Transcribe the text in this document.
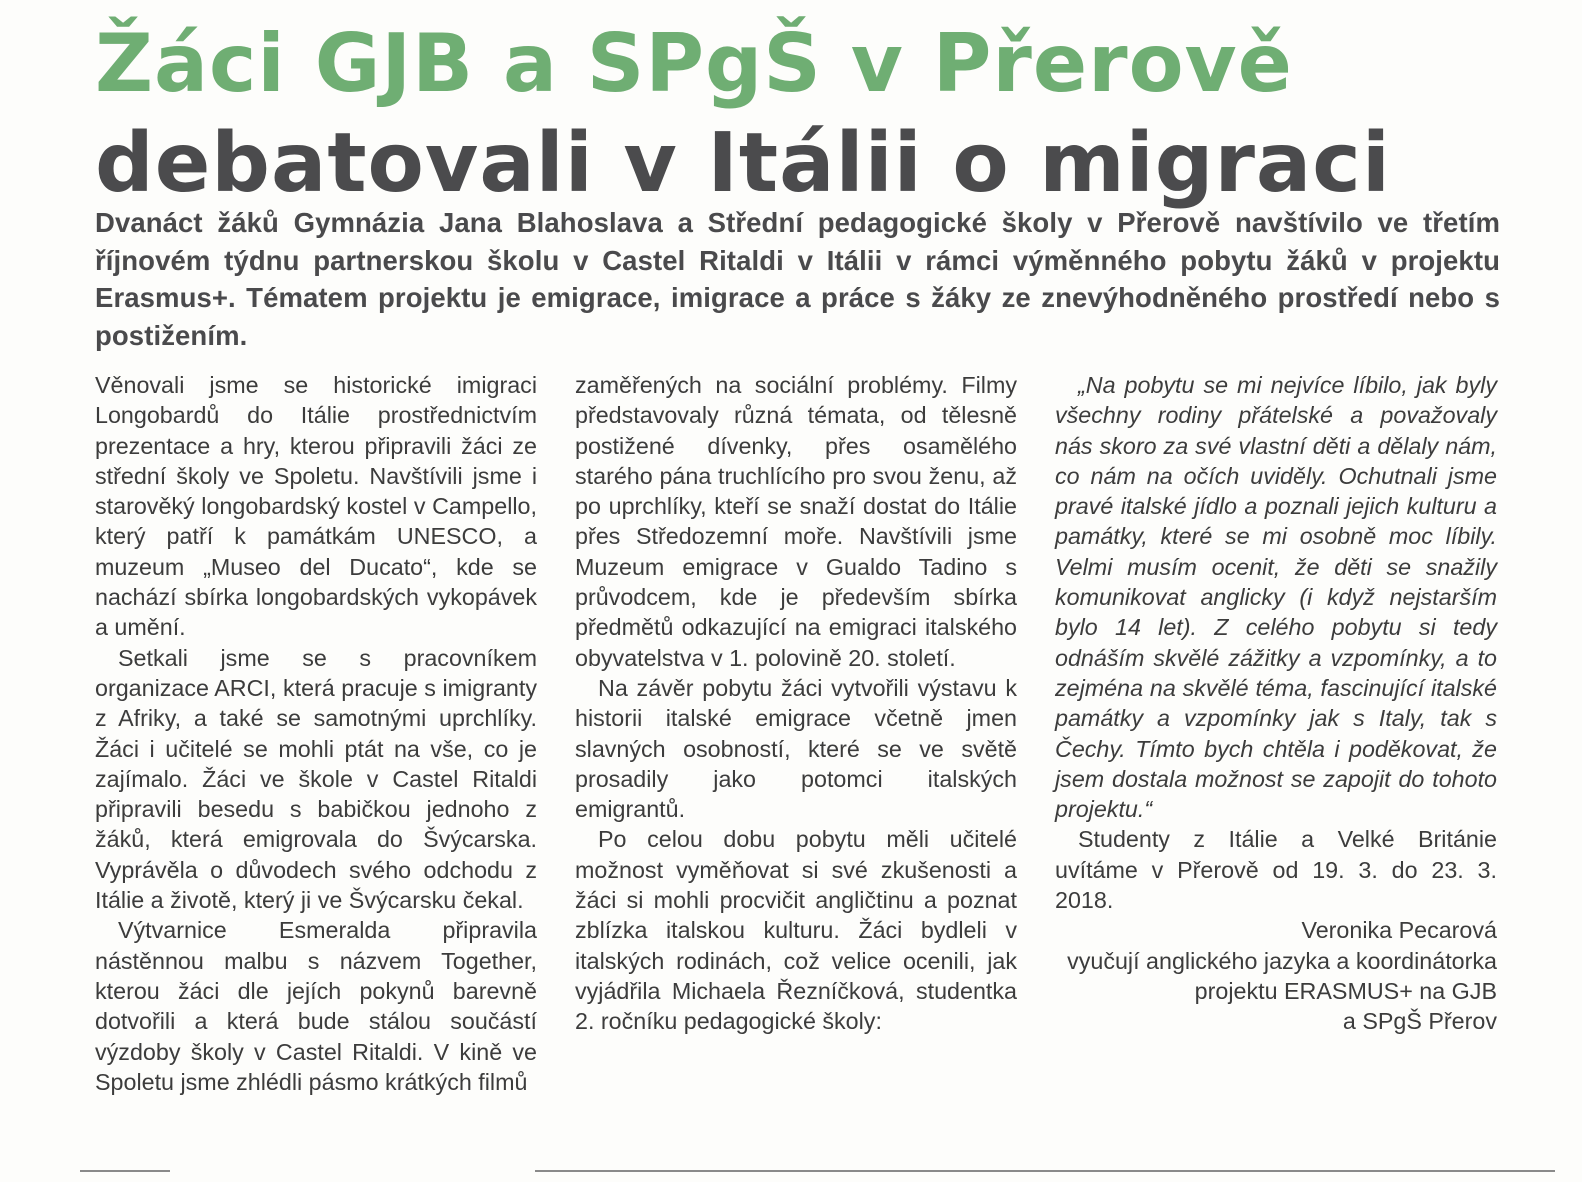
Žáci GJB a SPgŠ v Přerově
debatovali v Itálii o migraci

Dvanáct žáků Gymnázia Jana Blahoslava a Střední pedagogické školy v Přerově navštívilo ve třetím říjnovém týdnu partnerskou školu v Castel Ritaldi v Itálii v rámci výměnného pobytu žáků v projektu Erasmus+. Tématem projektu je emigrace, imigrace a práce s žáky ze znevýhodněného prostředí nebo s postižením.

Věnovali jsme se historické imigraci Longobardů do Itálie prostřednictvím prezentace a hry, kterou připravili žáci ze střední školy ve Spoletu. Navštívili jsme i starověký longobardský kostel v Campello, který patří k památkám UNESCO, a muzeum „Museo del Ducato“, kde se nachází sbírka longobardských vykopávek a umění.

Setkali jsme se s pracovníkem organizace ARCI, která pracuje s imigranty z Afriky, a také se samotnými uprchlíky. Žáci i učitelé se mohli ptát na vše, co je zajímalo. Žáci ve škole v Castel Ritaldi připravili besedu s babičkou jednoho z žáků, která emigrovala do Švýcarska. Vyprávěla o důvodech svého odchodu z Itálie a životě, který ji ve Švýcarsku čekal.

Výtvarnice Esmeralda připravila nástěnnou malbu s názvem Together, kterou žáci dle jejích pokynů barevně dotvořili a která bude stálou součástí výzdoby školy v Castel Ritaldi. V kině ve Spoletu jsme zhlédli pásmo krátkých filmů

zaměřených na sociální problémy. Filmy představovaly různá témata, od tělesně postižené dívenky, přes osamělého starého pána truchlícího pro svou ženu, až po uprchlíky, kteří se snaží dostat do Itálie přes Středozemní moře. Navštívili jsme Muzeum emigrace v Gualdo Tadino s průvodcem, kde je především sbírka předmětů odkazující na emigraci italského obyvatelstva v 1. polovině 20. století.

Na závěr pobytu žáci vytvořili výstavu k historii italské emigrace včetně jmen slavných osobností, které se ve světě prosadily jako potomci italských emigrantů.

Po celou dobu pobytu měli učitelé možnost vyměňovat si své zkušenosti a žáci si mohli procvičit angličtinu a poznat zblízka italskou kulturu. Žáci bydleli v italských rodinách, což velice ocenili, jak vyjádřila Michaela Řezníčková, studentka 2. ročníku pedagogické školy:

„Na pobytu se mi nejvíce líbilo, jak byly všechny rodiny přátelské a považovaly nás skoro za své vlastní děti a dělaly nám, co nám na očích uviděly. Ochutnali jsme pravé italské jídlo a poznali jejich kulturu a památky, které se mi osobně moc líbily. Velmi musím ocenit, že děti se snažily komunikovat anglicky (i když nejstarším bylo 14 let). Z celého pobytu si tedy odnáším skvělé zážitky a vzpomínky, a to zejména na skvělé téma, fascinující italské památky a vzpomínky jak s Italy, tak s Čechy. Tímto bych chtěla i poděkovat, že jsem dostala možnost se zapojit do tohoto projektu.“

Studenty z Itálie a Velké Británie uvítáme v Přerově od 19. 3. do 23. 3. 2018.

Veronika Pecarová

vyučují anglického jazyka a koordinátorka projektu ERASMUS+ na GJB

a SPgŠ Přerov
